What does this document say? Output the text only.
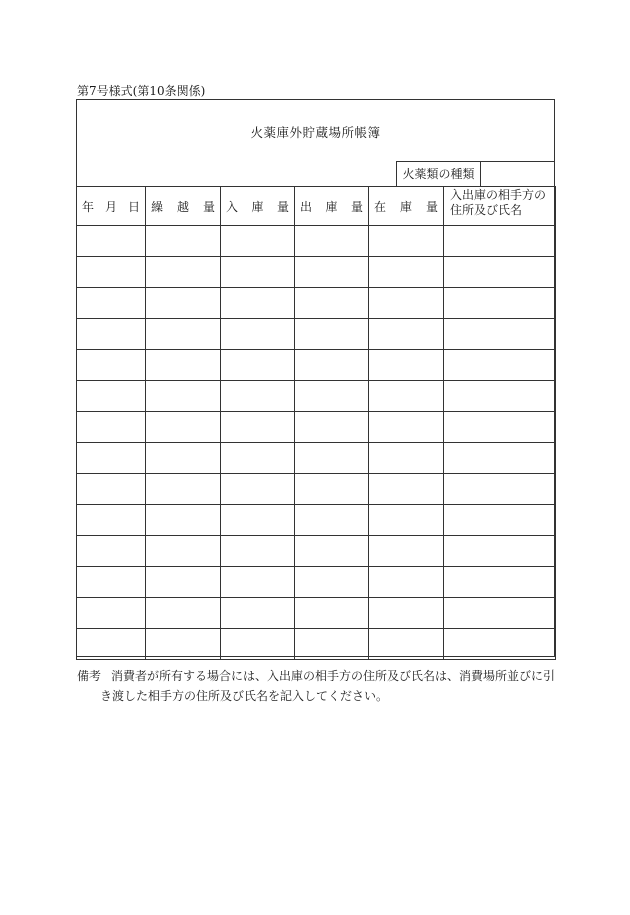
第7号様式(第10条関係)
火薬庫外貯蔵場所帳簿
火薬類の種類
年 月 日	繰 越 量	入 庫 量	出 庫 量	在 庫 量	入出庫の相手方の住所及び氏名

備考 消費者が所有する場合には、入出庫の相手方の住所及び氏名は、消費場所並びに引
き渡した相手方の住所及び氏名を記入してください。
